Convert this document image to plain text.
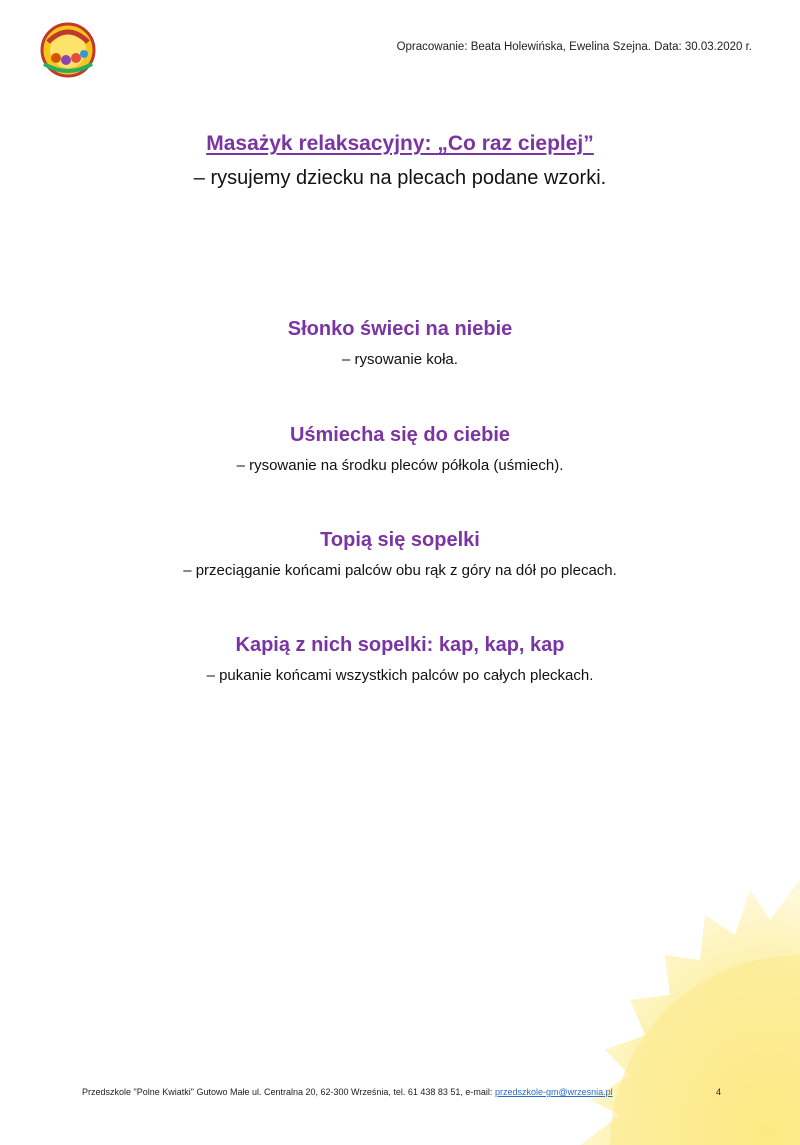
Opracowanie: Beata Holewińska, Ewelina Szejna. Data: 30.03.2020 r.
Masażyk relaksacyjny: „Co raz cieplej”
– rysujemy dziecku na plecach podane wzorki.
Słonko świeci na niebie
– rysowanie koła.
Uśmiecha się do ciebie
– rysowanie na środku pleców półkola (uśmiech).
Topią się sopelki
– przeciąganie końcami palców obu rąk z góry na dół po plecach.
Kapią z nich sopelki: kap, kap, kap
– pukanie końcami wszystkich palców po całych pleckach.
Przedszkole "Polne Kwiatki" Gutowo Małe ul. Centralna 20, 62-300 Września, tel. 61 438 83 51, e-mail: przedszkole-gm@wrzesnia.pl	4
